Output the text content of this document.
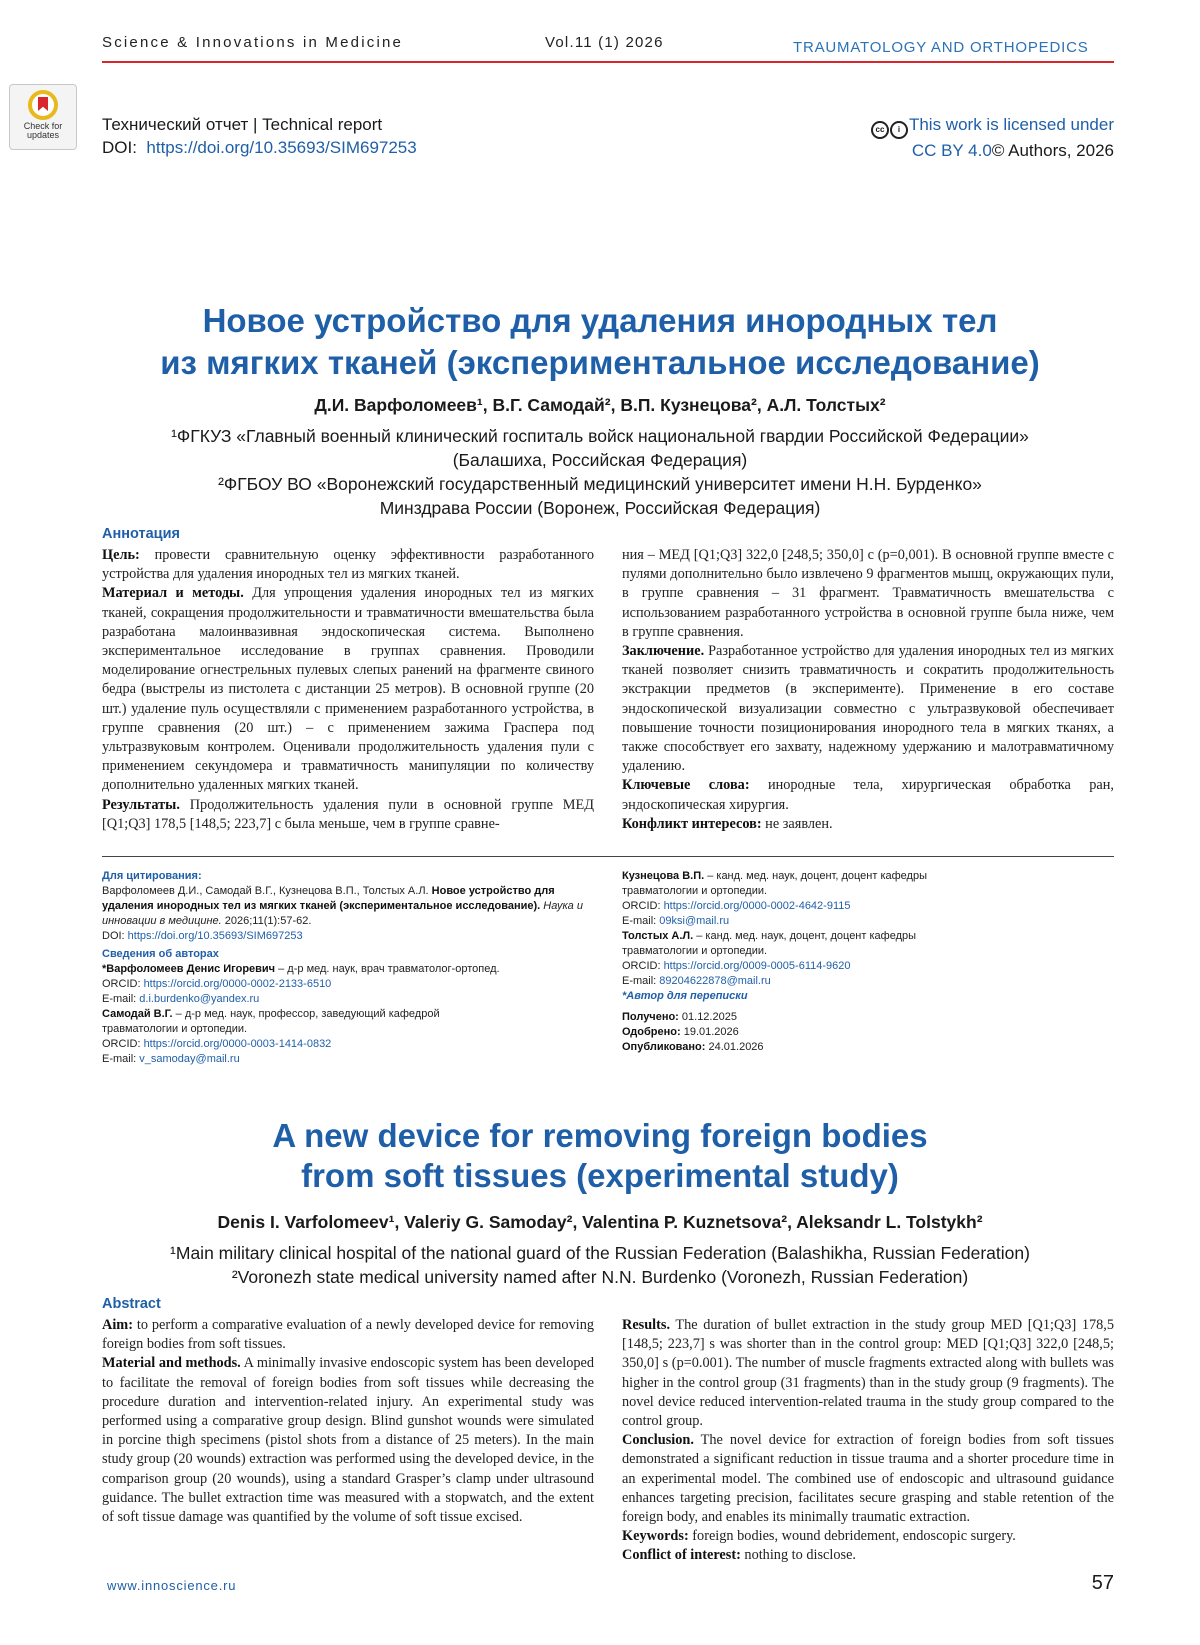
Science & Innovations in Medicine	Vol.11 (1) 2026	TRAUMATOLOGY AND ORTHOPEDICS
Check for updates
Технический отчет | Technical report
DOI: https://doi.org/10.35693/SIM697253
cc i This work is licensed under
CC BY 4.0© Authors, 2026
Новое устройство для удаления инородных тел
из мягких тканей (экспериментальное исследование)
Д.И. Варфоломеев¹, В.Г. Самодай², В.П. Кузнецова², А.Л. Толстых²
¹ФГКУЗ «Главный военный клинический госпиталь войск национальной гвардии Российской Федерации»
(Балашиха, Российская Федерация)
²ФГБОУ ВО «Воронежский государственный медицинский университет имени Н.Н. Бурденко»
Минздрава России (Воронеж, Российская Федерация)
Аннотация

Цель: провести сравнительную оценку эффективности разработанного устройства для удаления инородных тел из мягких тканей.

Материал и методы. Для упрощения удаления инородных тел из мягких тканей, сокращения продолжительности и травматичности вмешательства была разработана малоинвазивная эндоскопическая система. Выполнено экспериментальное исследование в группах сравнения. Проводили моделирование огнестрельных пулевых слепых ранений на фрагменте свиного бедра (выстрелы из пистолета с дистанции 25 метров). В основной группе (20 шт.) удаление пуль осуществляли с применением разработанного устройства, в группе сравнения (20 шт.) – с применением зажима Граспера под ультразвуковым контролем. Оценивали продолжительность удаления пули с применением секундомера и травматичность манипуляции по количеству дополнительно удаленных мягких тканей.

Результаты. Продолжительность удаления пули в основной группе МЕД [Q1;Q3] 178,5 [148,5; 223,7] с была меньше, чем в группе сравне-

ния – МЕД [Q1;Q3] 322,0 [248,5; 350,0] с (p=0,001). В основной группе вместе с пулями дополнительно было извлечено 9 фрагментов мышц, окружающих пули, в группе сравнения – 31 фрагмент. Травматичность вмешательства с использованием разработанного устройства в основной группе была ниже, чем в группе сравнения.

Заключение. Разработанное устройство для удаления инородных тел из мягких тканей позволяет снизить травматичность и сократить продолжительность экстракции предметов (в эксперименте). Применение в его составе эндоскопической визуализации совместно с ультразвуковой обеспечивает повышение точности позиционирования инородного тела в мягких тканях, а также способствует его захвату, надежному удержанию и малотравматичному удалению.

Ключевые слова: инородные тела, хирургическая обработка ран, эндоскопическая хирургия.

Конфликт интересов: не заявлен.

Для цитирования:
Варфоломеев Д.И., Самодай В.Г., Кузнецова В.П., Толстых А.Л. Новое устройство для удаления инородных тел из мягких тканей (экспериментальное исследование). Наука и инновации в медицине. 2026;11(1):57-62.
DOI: https://doi.org/10.35693/SIM697253
Сведения об авторах
*Варфоломеев Денис Игоревич – д-р мед. наук, врач травматолог-ортопед.
ORCID: https://orcid.org/0000-0002-2133-6510
E-mail: d.i.burdenko@yandex.ru
Самодай В.Г. – д-р мед. наук, профессор, заведующий кафедрой травматологии и ортопедии.
ORCID: https://orcid.org/0000-0003-1414-0832
E-mail: v_samoday@mail.ru
Кузнецова В.П. – канд. мед. наук, доцент, доцент кафедры травматологии и ортопедии.
ORCID: https://orcid.org/0000-0002-4642-9115
E-mail: 09ksi@mail.ru
Толстых А.Л. – канд. мед. наук, доцент, доцент кафедры травматологии и ортопедии.
ORCID: https://orcid.org/0009-0005-6114-9620
E-mail: 89204622878@mail.ru
*Автор для переписки
Получено: 01.12.2025
Одобрено: 19.01.2026
Опубликовано: 24.01.2026
A new device for removing foreign bodies
from soft tissues (experimental study)
Denis I. Varfolomeev¹, Valeriy G. Samoday², Valentina P. Kuznetsova², Aleksandr L. Tolstykh²
¹Main military clinical hospital of the national guard of the Russian Federation (Balashikha, Russian Federation)
²Voronezh state medical university named after N.N. Burdenko (Voronezh, Russian Federation)
Abstract

Aim: to perform a comparative evaluation of a newly developed device for removing foreign bodies from soft tissues.

Material and methods. A minimally invasive endoscopic system has been developed to facilitate the removal of foreign bodies from soft tissues while decreasing the procedure duration and intervention-related injury. An experimental study was performed using a comparative group design. Blind gunshot wounds were simulated in porcine thigh specimens (pistol shots from a distance of 25 meters). In the main study group (20 wounds) extraction was performed using the developed device, in the comparison group (20 wounds), using a standard Grasper’s clamp under ultrasound guidance. The bullet extraction time was measured with a stopwatch, and the extent of soft tissue damage was quantified by the volume of soft tissue excised.

Results. The duration of bullet extraction in the study group MED [Q1;Q3] 178,5 [148,5; 223,7] s was shorter than in the control group: MED [Q1;Q3] 322,0 [248,5; 350,0] s (p=0.001). The number of muscle fragments extracted along with bullets was higher in the control group (31 fragments) than in the study group (9 fragments). The novel device reduced intervention-related trauma in the study group compared to the control group.

Conclusion. The novel device for extraction of foreign bodies from soft tissues demonstrated a significant reduction in tissue trauma and a shorter procedure time in an experimental model. The combined use of endoscopic and ultrasound guidance enhances targeting precision, facilitates secure grasping and stable retention of the foreign body, and enables its minimally traumatic extraction.

Keywords: foreign bodies, wound debridement, endoscopic surgery.

Conflict of interest: nothing to disclose.

www.innoscience.ru	57
